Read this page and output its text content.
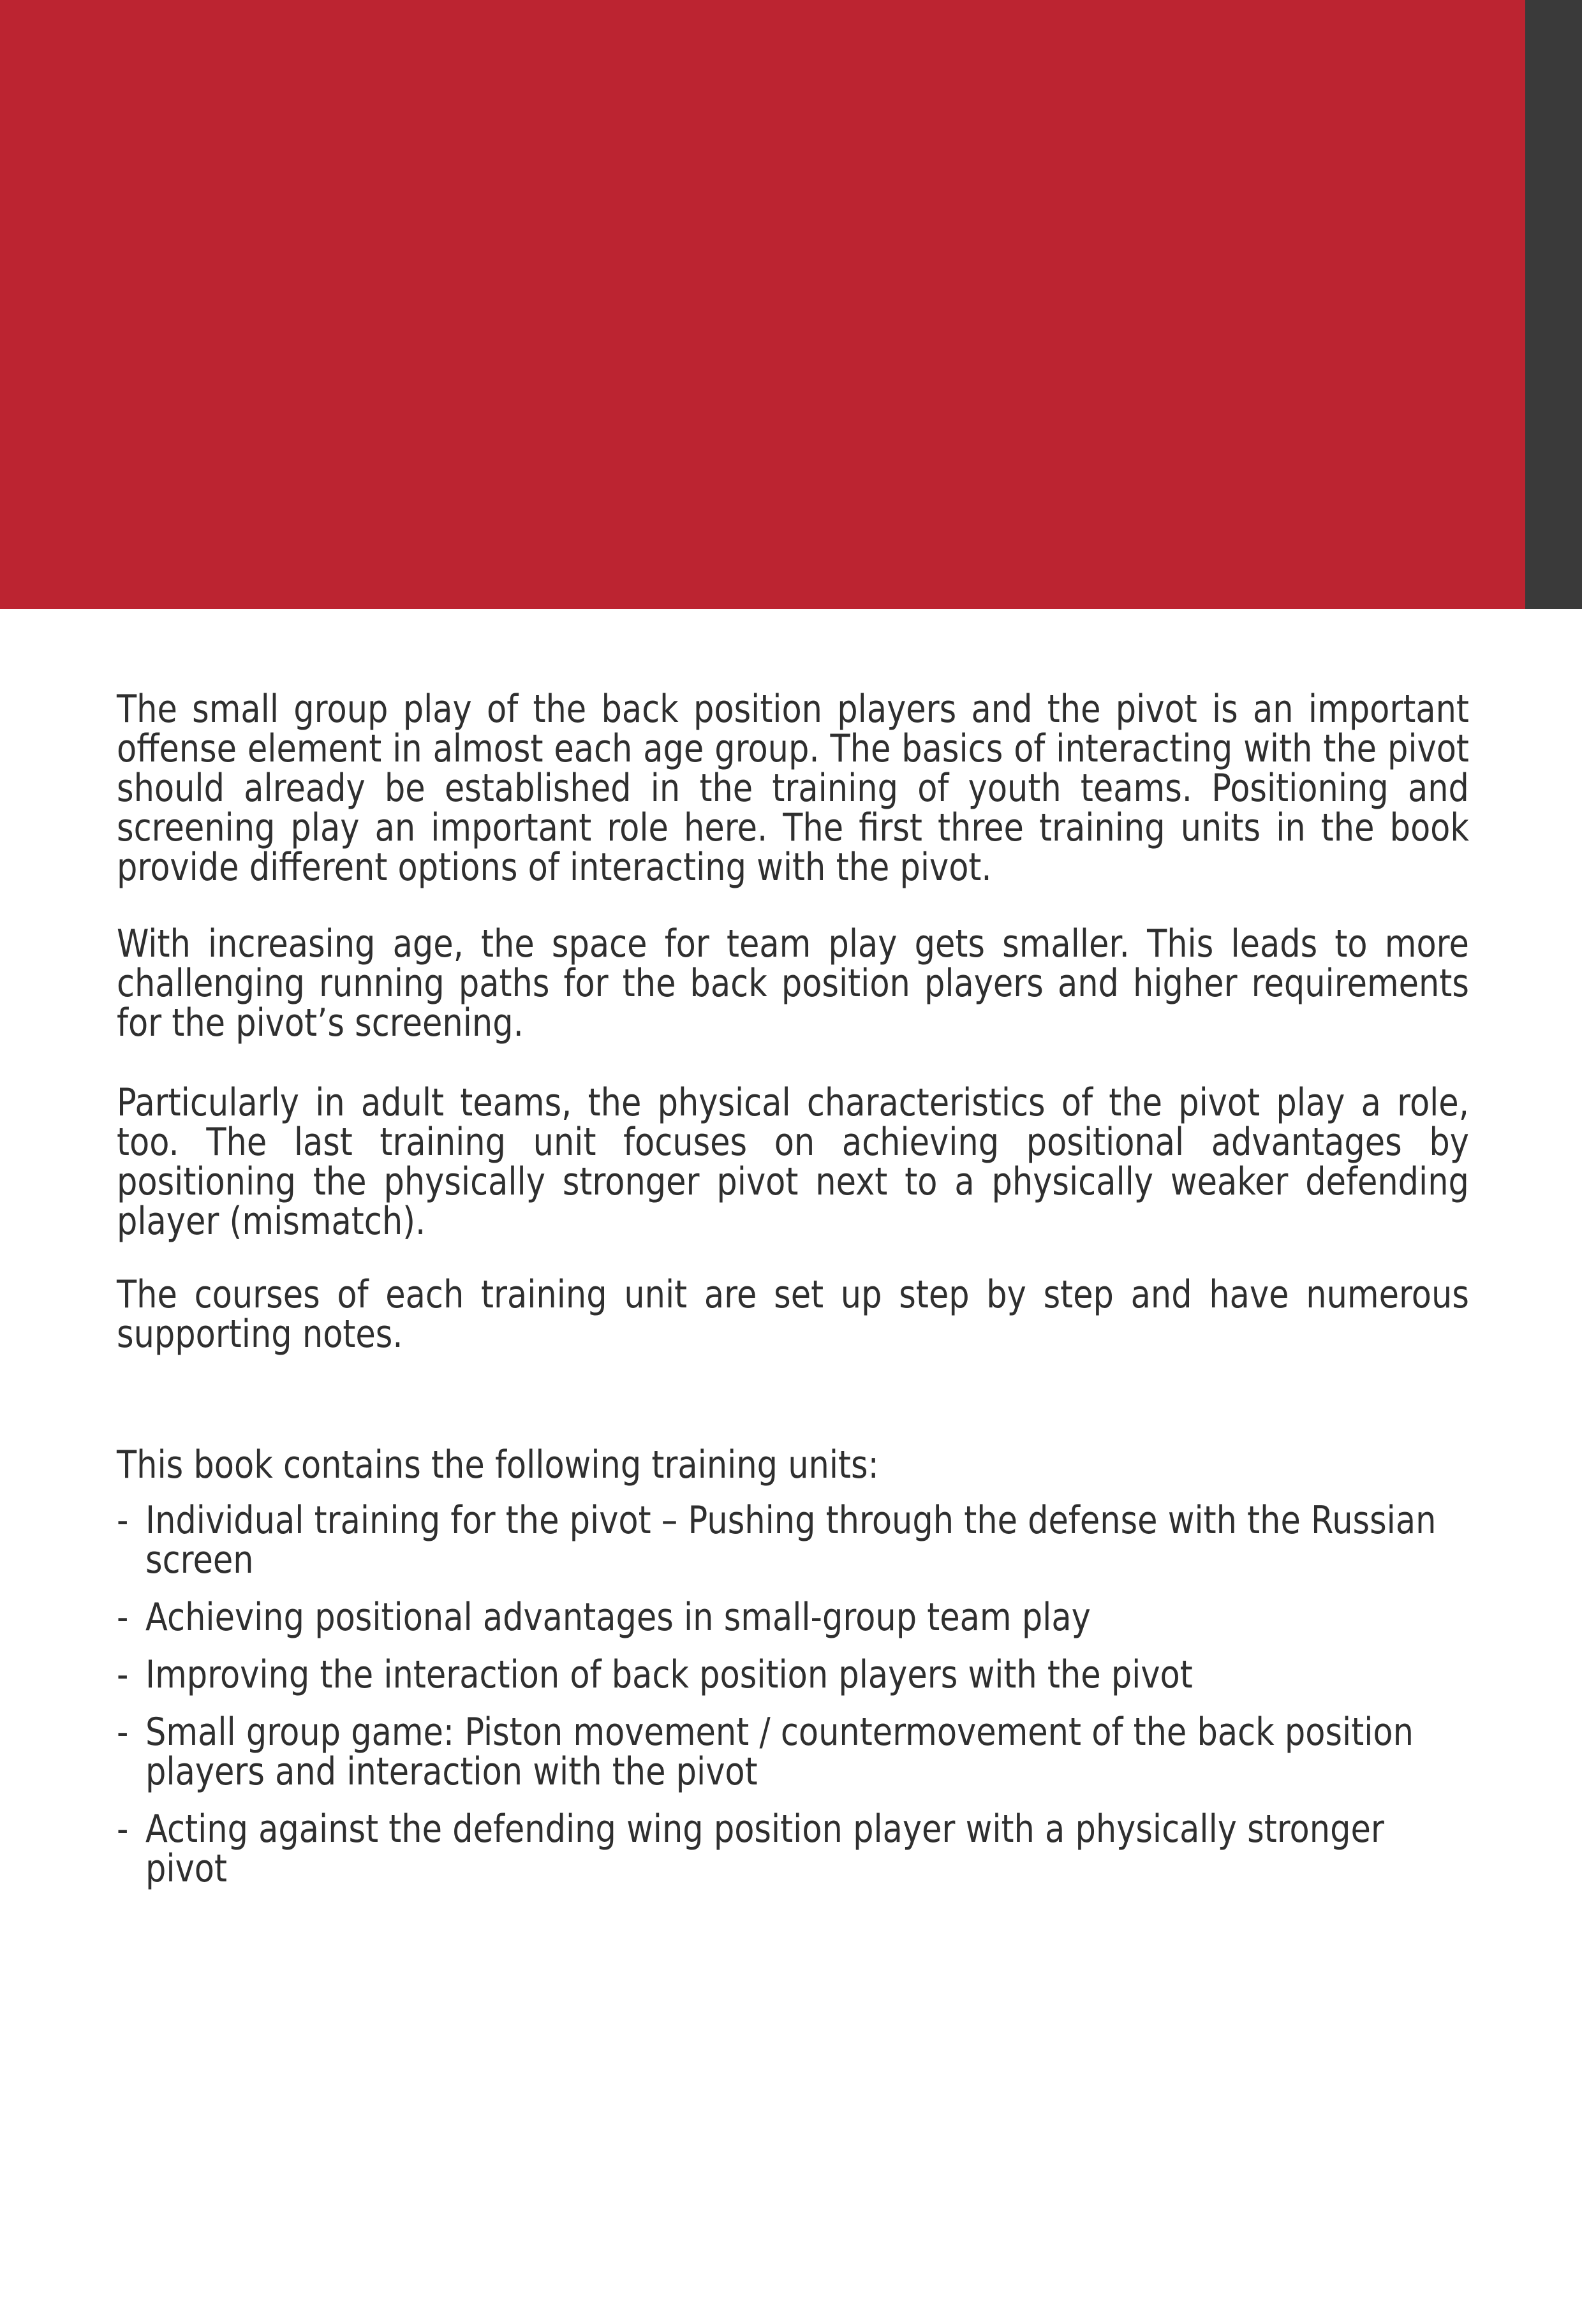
The small group play of the back position players and the pivot is an important offense element in almost each age group. The basics of interacting with the pivot should already be established in the training of youth teams. Positioning and screening play an important role here. The first three training units in the book provide different options of interacting with the pivot.

With increasing age, the space for team play gets smaller. This leads to more challenging running paths for the back position players and higher requirements for the pivot’s screening.

Particularly in adult teams, the physical characteristics of the pivot play a role, too. The last training unit focuses on achieving positional advantages by positioning the physically stronger pivot next to a physically weaker defending player (mismatch).

The courses of each training unit are set up step by step and have numerous supporting notes.

This book contains the following training units:

- Individual training for the pivot – Pushing through the defense with the Russian screen
- Achieving positional advantages in small-group team play
- Improving the interaction of back position players with the pivot
- Small group game: Piston movement / countermovement of the back position players and interaction with the pivot
- Acting against the defending wing position player with a physically stronger pivot
